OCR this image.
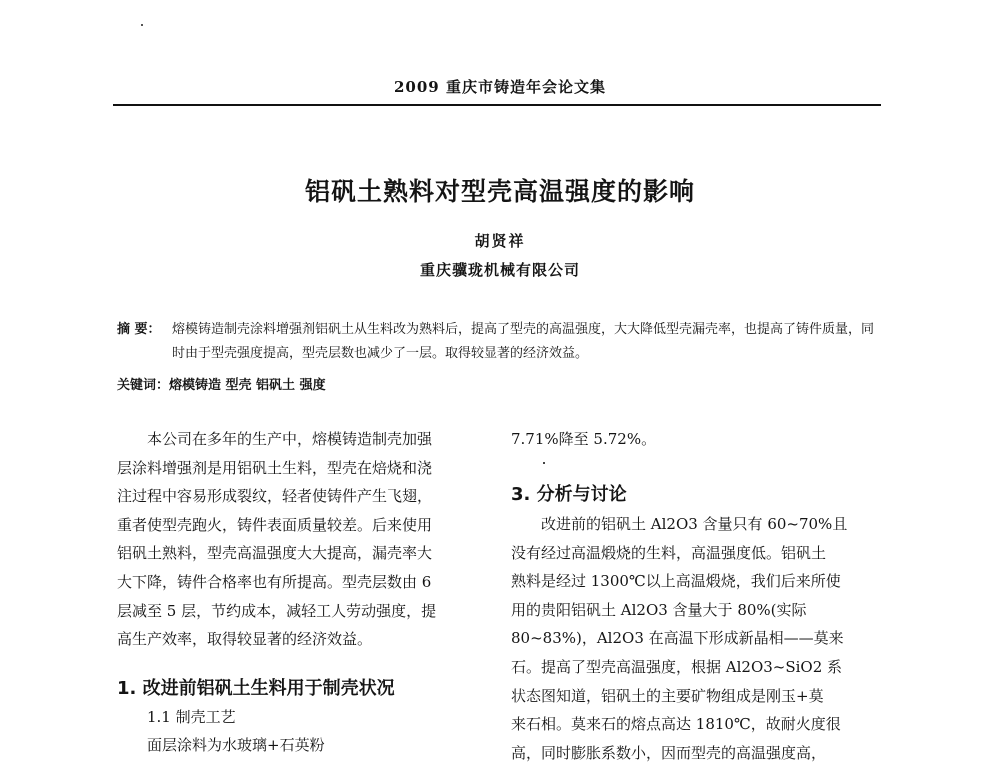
2009 重庆市铸造年会论文集
铝矾土熟料对型壳高温强度的影响
胡贤祥
重庆骥珑机械有限公司
摘 要： 熔模铸造制壳涂料增强剂铝矾土从生料改为熟料后，提高了型壳的高温强度，大大降低型壳漏壳率，也提高了铸件质量，同时由于型壳强度提高，型壳层数也减少了一层。取得较显著的经济效益。
关键词：熔模铸造 型壳 铝矾土 强度
本公司在多年的生产中，熔模铸造制壳加强
层涂料增强剂是用铝矾土生料，型壳在焙烧和浇
注过程中容易形成裂纹，轻者使铸件产生飞翅，
重者使型壳跑火，铸件表面质量较差。后来使用
铝矾土熟料，型壳高温强度大大提高，漏壳率大
大下降，铸件合格率也有所提高。型壳层数由 6
层减至 5 层，节约成本，减轻工人劳动强度，提
高生产效率，取得较显著的经济效益。
1. 改进前铝矾土生料用于制壳状况
1.1 制壳工艺
面层涂料为水玻璃+石英粉
7.71%降至 5.72%。
3. 分析与讨论
改进前的铝矾土 Al2O3 含量只有 60~70%且
没有经过高温煅烧的生料，高温强度低。铝矾土
熟料是经过 1300℃以上高温煅烧，我们后来所使
用的贵阳铝矾土 Al2O3 含量大于 80%(实际
80~83%)，Al2O3 在高温下形成新晶相——莫来
石。提高了型壳高温强度，根据 Al2O3~SiO2 系
状态图知道，铝矾土的主要矿物组成是刚玉+莫
来石相。莫来石的熔点高达 1810℃，故耐火度很
高，同时膨胀系数小，因而型壳的高温强度高，
